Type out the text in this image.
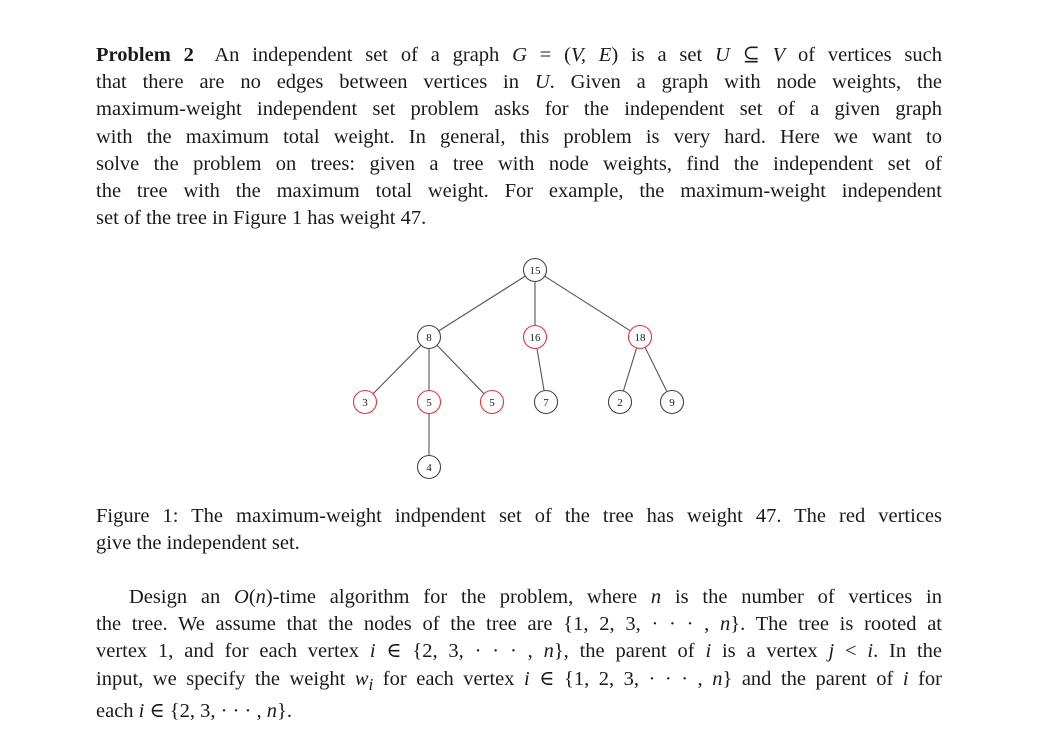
Problem 2  An independent set of a graph G = (V, E) is a set U ⊆ V of vertices such
that there are no edges between vertices in U. Given a graph with node weights, the
maximum-weight independent set problem asks for the independent set of a given graph
with the maximum total weight. In general, this problem is very hard. Here we want to
solve the problem on trees: given a tree with node weights, find the independent set of
the tree with the maximum total weight. For example, the maximum-weight independent
set of the tree in Figure 1 has weight 47.
15
8	16	18
3	5	5	7	2	9
4
Figure 1: The maximum-weight indpendent set of the tree has weight 47. The red vertices
give the independent set.
Design an O(n)-time algorithm for the problem, where n is the number of vertices in
the tree. We assume that the nodes of the tree are {1, 2, 3, · · · , n}. The tree is rooted at
vertex 1, and for each vertex i ∈ {2, 3, · · · , n}, the parent of i is a vertex j < i. In the
input, we specify the weight $w_i$ for each vertex i ∈ {1, 2, 3, · · · , n} and the parent of i for
each i ∈ {2, 3, · · · , n}.
